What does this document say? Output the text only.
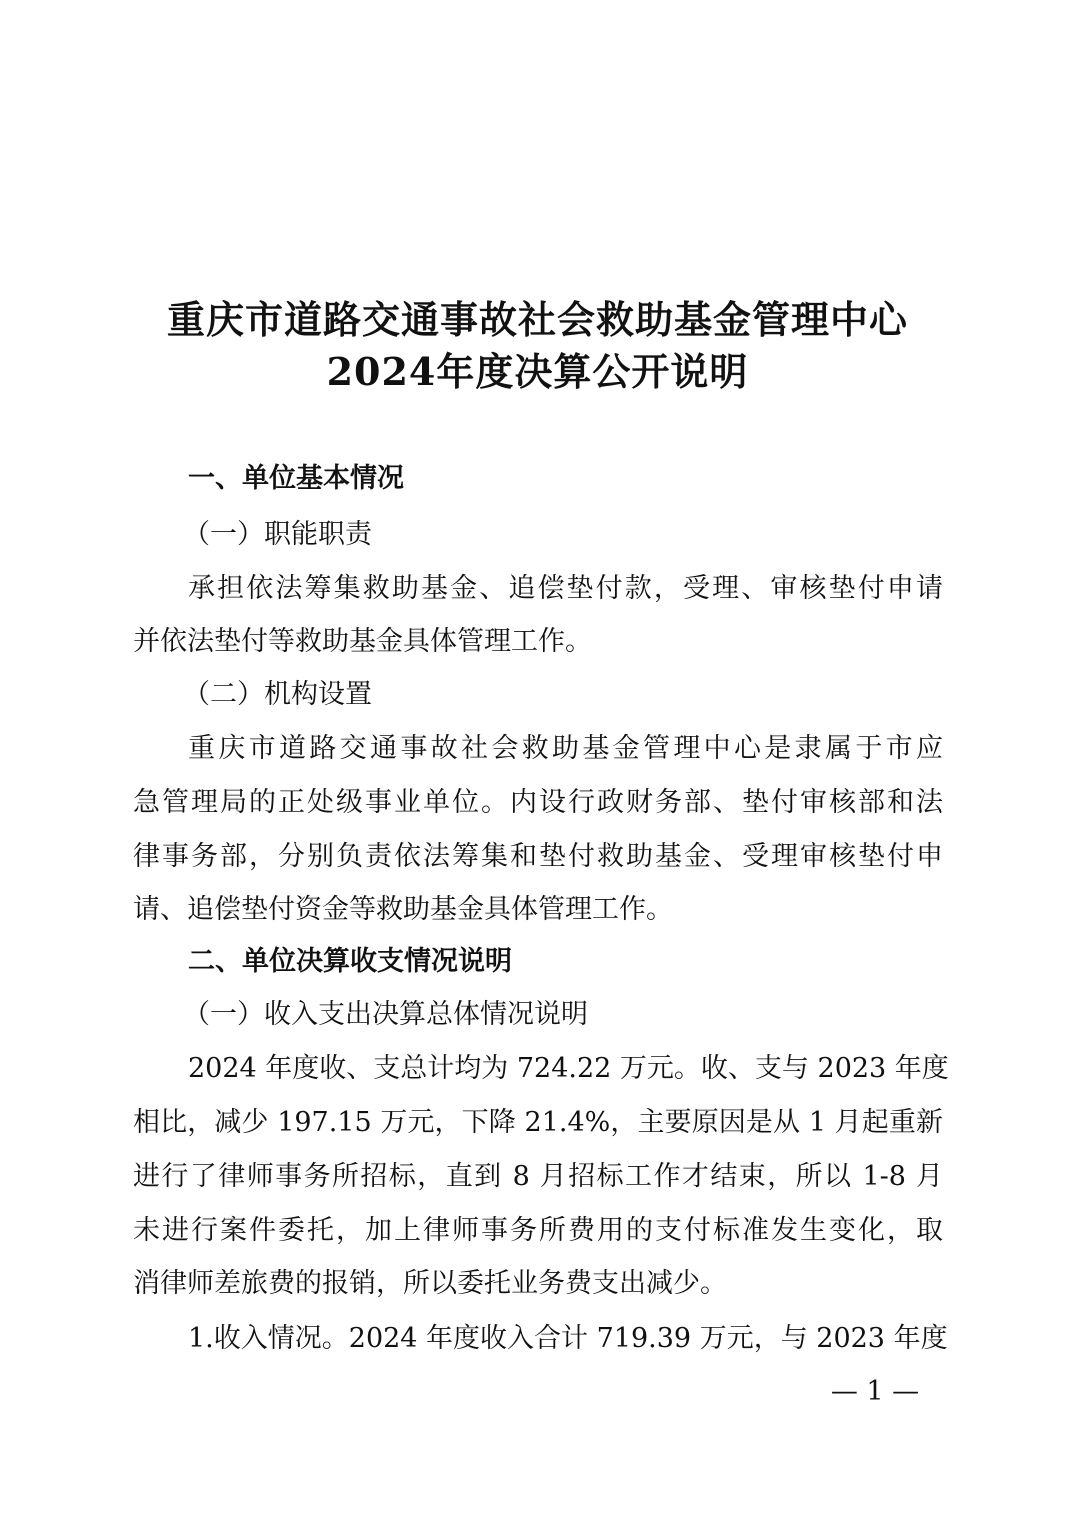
重庆市道路交通事故社会救助基金管理中心
2024年度决算公开说明
一、单位基本情况
（一）职能职责
承担依法筹集救助基金、追偿垫付款，受理、审核垫付申请
并依法垫付等救助基金具体管理工作。
（二）机构设置
重庆市道路交通事故社会救助基金管理中心是隶属于市应
急管理局的正处级事业单位。内设行政财务部、垫付审核部和法
律事务部，分别负责依法筹集和垫付救助基金、受理审核垫付申
请、追偿垫付资金等救助基金具体管理工作。
二、单位决算收支情况说明
（一）收入支出决算总体情况说明
2024 年度收、支总计均为 724.22 万元。收、支与 2023 年度
相比，减少 197.15 万元，下降 21.4%，主要原因是从 1 月起重新
进行了律师事务所招标，直到 8 月招标工作才结束，所以 1-8 月
未进行案件委托，加上律师事务所费用的支付标准发生变化，取
消律师差旅费的报销，所以委托业务费支出减少。
1.收入情况。2024 年度收入合计 719.39 万元，与 2023 年度
— 1 —
